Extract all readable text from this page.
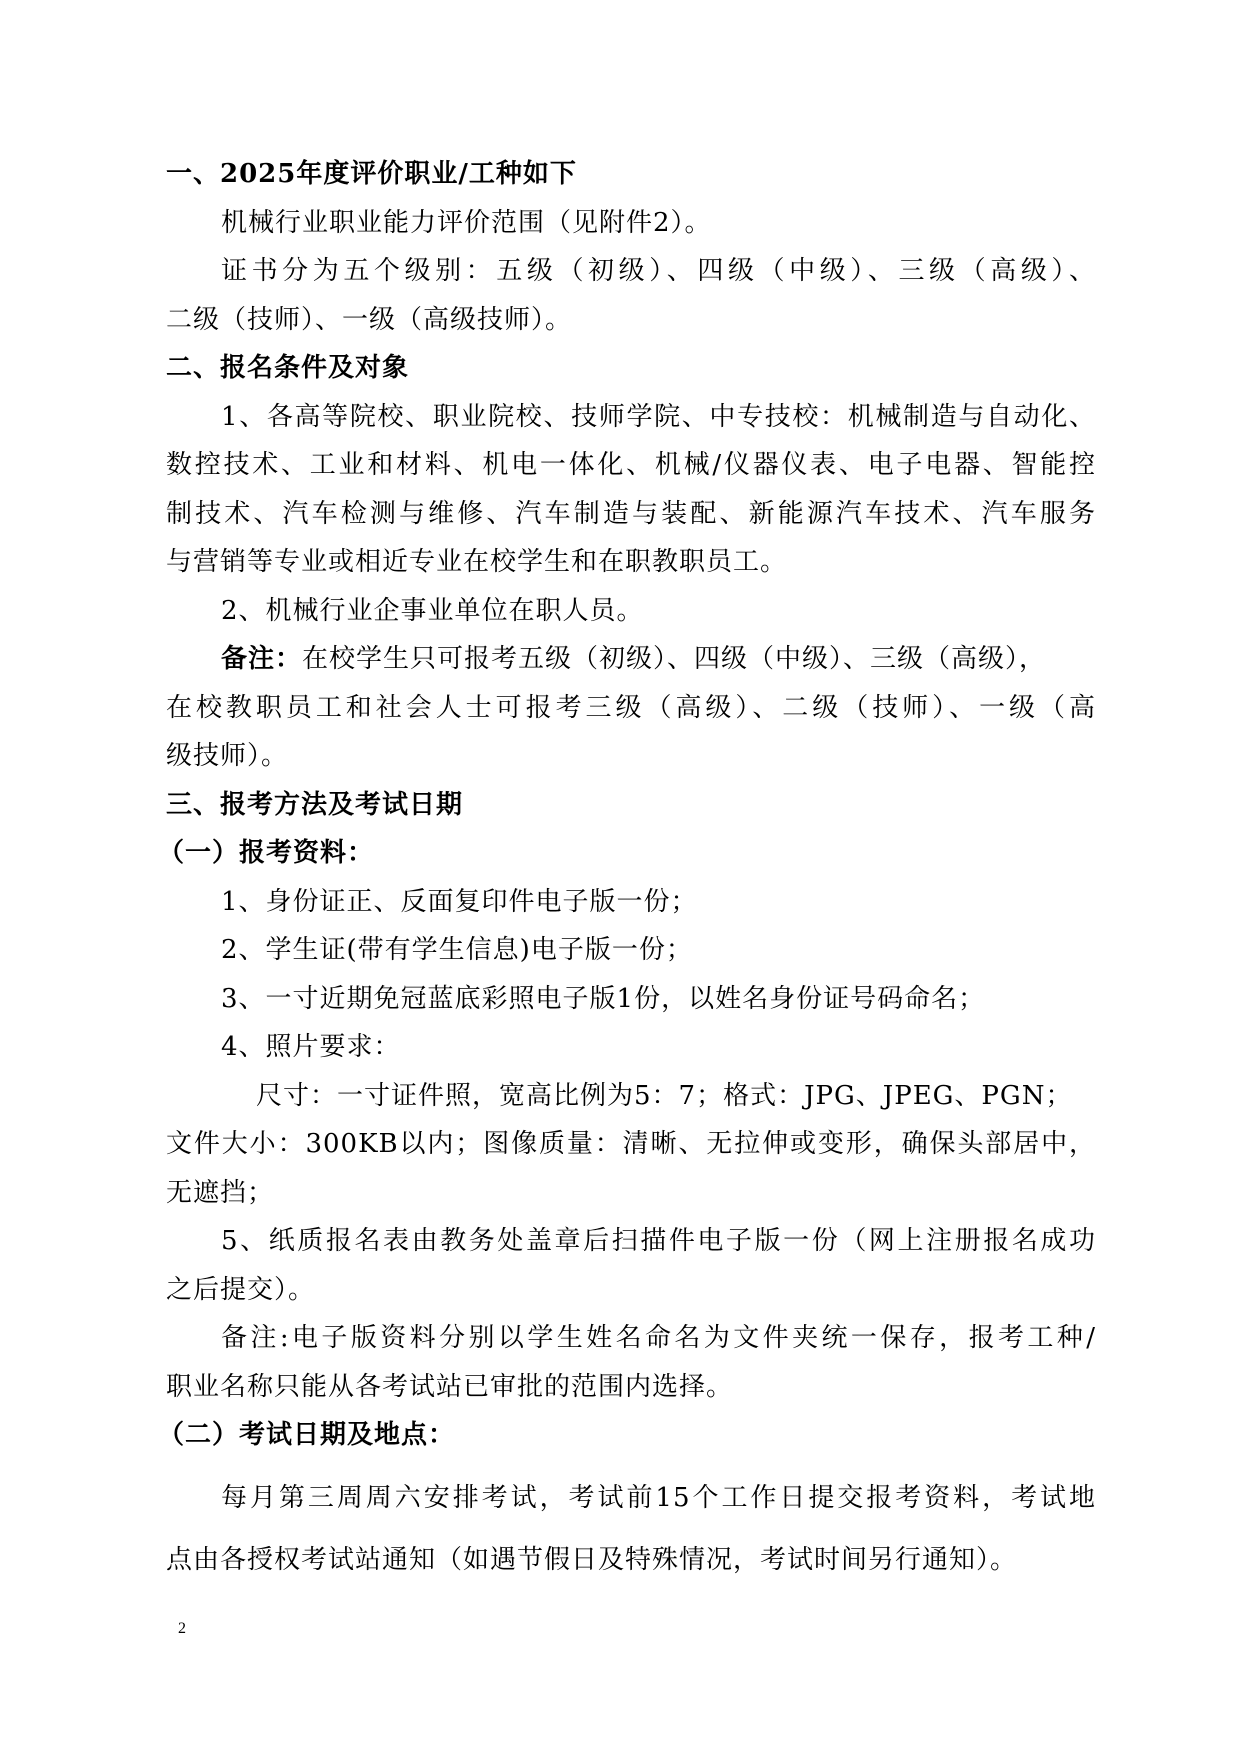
一、2025年度评价职业/工种如下
机械行业职业能力评价范围（见附件2）。
证书分为五个级别：五级（初级）、四级（中级）、三级（高级）、
二级（技师）、一级（高级技师）。
二、报名条件及对象
1、各高等院校、职业院校、技师学院、中专技校：机械制造与自动化、
数控技术、工业和材料、机电一体化、机械/仪器仪表、电子电器、智能控
制技术、汽车检测与维修、汽车制造与装配、新能源汽车技术、汽车服务
与营销等专业或相近专业在校学生和在职教职员工。
2、机械行业企事业单位在职人员。
备注：在校学生只可报考五级（初级）、四级（中级）、三级（高级），
在校教职员工和社会人士可报考三级（高级）、二级（技师）、一级（高
级技师）。
三、报考方法及考试日期
（一）报考资料：
1、身份证正、反面复印件电子版一份；
2、学生证(带有学生信息)电子版一份；
3、一寸近期免冠蓝底彩照电子版1份，以姓名身份证号码命名；
4、照片要求：
尺寸：一寸证件照，宽高比例为5：7；格式：JPG、JPEG、PGN；
文件大小：300KB以内；图像质量：清晰、无拉伸或变形，确保头部居中，
无遮挡；
5、纸质报名表由教务处盖章后扫描件电子版一份（网上注册报名成功
之后提交）。
备注:电子版资料分别以学生姓名命名为文件夹统一保存，报考工种/
职业名称只能从各考试站已审批的范围内选择。
（二）考试日期及地点：
每月第三周周六安排考试，考试前15个工作日提交报考资料，考试地
点由各授权考试站通知（如遇节假日及特殊情况，考试时间另行通知）。
2
